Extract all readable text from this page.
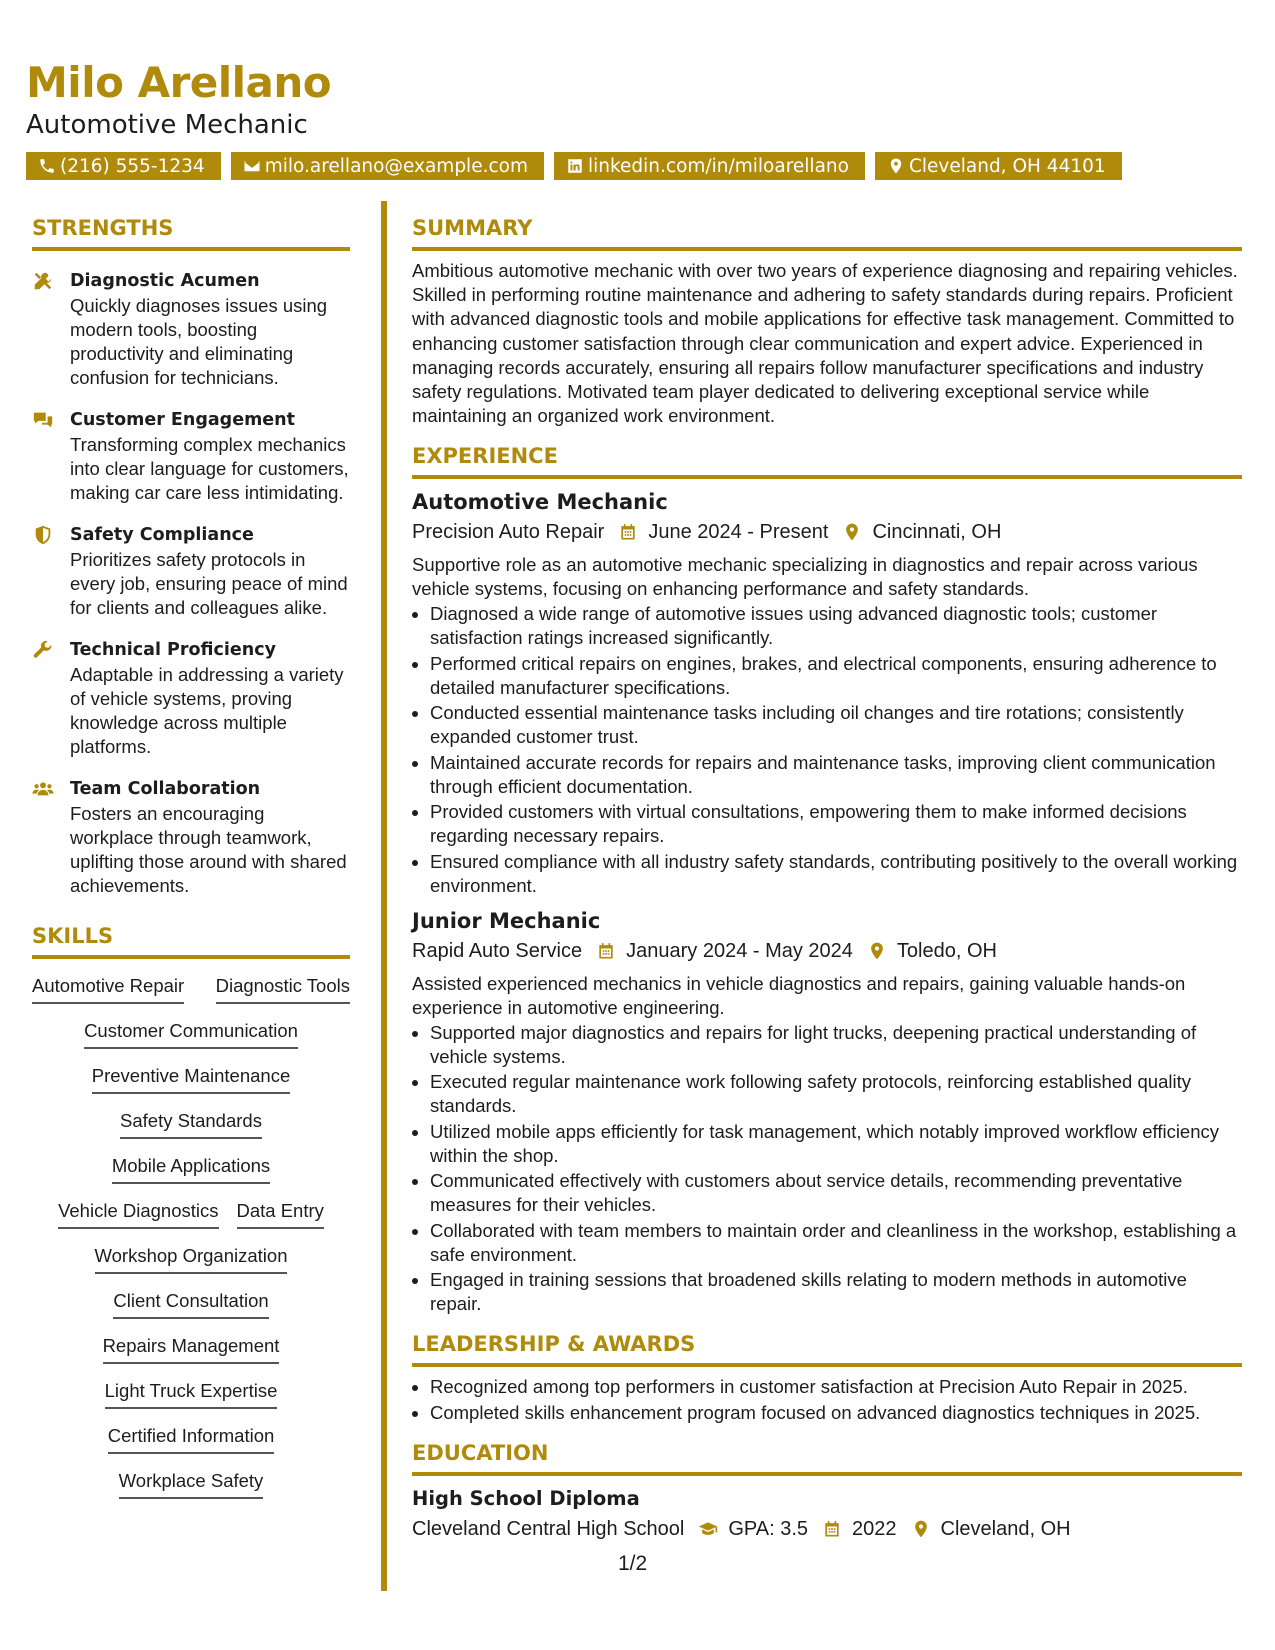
Milo Arellano
Automotive Mechanic
(216) 555-1234	milo.arellano@example.com	linkedin.com/in/miloarellano	Cleveland, OH 44101
STRENGTHS
Diagnostic Acumen
Quickly diagnoses issues using modern tools, boosting productivity and eliminating confusion for technicians.
Customer Engagement
Transforming complex mechanics into clear language for customers, making car care less intimidating.
Safety Compliance
Prioritizes safety protocols in every job, ensuring peace of mind for clients and colleagues alike.
Technical Proficiency
Adaptable in addressing a variety of vehicle systems, proving knowledge across multiple platforms.
Team Collaboration
Fosters an encouraging workplace through teamwork, uplifting those around with shared achievements.
SKILLS
Automotive Repair Diagnostic Tools
Customer Communication
Preventive Maintenance
Safety Standards
Mobile Applications
Vehicle Diagnostics Data Entry
Workshop Organization
Client Consultation
Repairs Management
Light Truck Expertise
Certified Information
Workplace Safety
SUMMARY
Ambitious automotive mechanic with over two years of experience diagnosing and repairing vehicles. Skilled in performing routine maintenance and adhering to safety standards during repairs. Proficient with advanced diagnostic tools and mobile applications for effective task management. Committed to enhancing customer satisfaction through clear communication and expert advice. Experienced in managing records accurately, ensuring all repairs follow manufacturer specifications and industry safety regulations. Motivated team player dedicated to delivering exceptional service while maintaining an organized work environment.
EXPERIENCE
Automotive Mechanic
Precision Auto Repair June 2024 - Present Cincinnati, OH
Supportive role as an automotive mechanic specializing in diagnostics and repair across various vehicle systems, focusing on enhancing performance and safety standards.
• Diagnosed a wide range of automotive issues using advanced diagnostic tools; customer satisfaction ratings increased significantly.
• Performed critical repairs on engines, brakes, and electrical components, ensuring adherence to detailed manufacturer specifications.
• Conducted essential maintenance tasks including oil changes and tire rotations; consistently expanded customer trust.
• Maintained accurate records for repairs and maintenance tasks, improving client communication through efficient documentation.
• Provided customers with virtual consultations, empowering them to make informed decisions regarding necessary repairs.
• Ensured compliance with all industry safety standards, contributing positively to the overall working environment.
Junior Mechanic
Rapid Auto Service January 2024 - May 2024 Toledo, OH
Assisted experienced mechanics in vehicle diagnostics and repairs, gaining valuable hands-on experience in automotive engineering.
• Supported major diagnostics and repairs for light trucks, deepening practical understanding of vehicle systems.
• Executed regular maintenance work following safety protocols, reinforcing established quality standards.
• Utilized mobile apps efficiently for task management, which notably improved workflow efficiency within the shop.
• Communicated effectively with customers about service details, recommending preventative measures for their vehicles.
• Collaborated with team members to maintain order and cleanliness in the workshop, establishing a safe environment.
• Engaged in training sessions that broadened skills relating to modern methods in automotive repair.
LEADERSHIP & AWARDS
• Recognized among top performers in customer satisfaction at Precision Auto Repair in 2025.
• Completed skills enhancement program focused on advanced diagnostics techniques in 2025.
EDUCATION
High School Diploma
Cleveland Central High School GPA: 3.5 2022 Cleveland, OH
1/2
